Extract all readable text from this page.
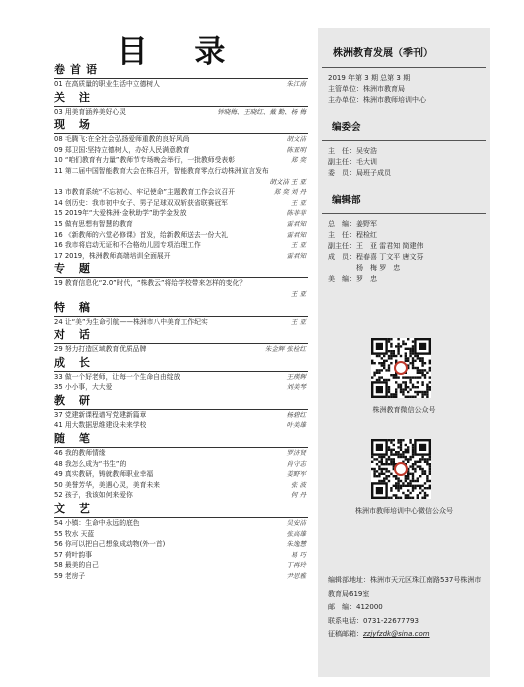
目 录
卷首语
01 在高质量的职业生活中立德树人	朱江南
关 注
03 用美育涵养美好心灵	钟晓梅、王晓红、戴 勤、杨 梅
现 场
08 毛腾飞:在全社会弘扬爱师重教的良好风尚	胡文洁
09 郑卫国:坚持立德树人，办好人民满意教育	陈亚明
10 “咱们教育有力量”教师节专场晚会举行，一批教师受表彰	郑 奕
11 第二届中国智能教育大会在株召开，智能教育零点行动株洲宣言发布
胡文洁 王 亚
13 市教育系统“不忘初心、牢记使命”主题教育工作会议召开	郑 奕 刘 丹
14 创历史：我市初中女子、男子足球双双斩获省联赛冠军	王 亚
15 2019年“大爱株洲·金秋助学”助学金发放	陈菲菲
15 做有思想有智慧的教育	雷君知
16 《新教师的六堂必修课》首发，给新教师送去一份大礼	雷君知
16 我市将启动无证和不合格幼儿园专项治理工作	王 亚
17 2019，株洲教师高端培训全面展开	雷君知
专 题
19 教育信息化“2.0”时代，“株教云”将给学校带来怎样的变化？
王 亚
特 稿
24 让“美”为生命引航——株洲市八中美育工作纪实	王 亚
对 话
29 努力打造区域教育优质品牌	朱金辉 张检红
成 长
33 做一个好老师，让每一个生命自由绽放	王瑛辉
35 小小事，大大爱	刘美琴
教 研
37 党建新课程谱写党建新篇章	杨碧红
41 用大数据思维建设未来学校	叶美雄
随 笔
46 我的教师情缘	罗济贤
48 我怎么成为“书生”的	肖守志
49 真实教研，铸就教师职业幸福	姜野军
50 美誉芳华，美遇心灵，美育未来	张 波
52 孩子，我该如何来爱你	何 丹
文 艺
54 小镇：生命中永远的底色	吴安洁
55 牧水 天蓝	张高雄
56 你可以把自己想象成动物(外一首)	朱逸慧
57 荷叶韵事	易 巧
58 最美的自己	丁再玲
59 老房子	尹思雅
株洲教育发展（季刊）
2019 年第 3 期 总第 3 期
主管单位：株洲市教育局
主办单位：株洲市教师培训中心
编委会
主　任：吴安浩
副主任：毛大训
委　员：局班子成员
编辑部
总　编：姜野军
主　任：程检红
副主任：王　亚 雷君知 简建伟
成　员：程春喜 丁文平 唐文芬
　　　　杨　梅 罗　忠
美　编：罗　忠
株洲教育微信公众号
株洲市教师培训中心微信公众号
编辑部地址：株洲市天元区珠江南路537号株洲市教育局619室
邮　编：412000
联系电话：0731-22677793
征稿邮箱：zzjyfzdk@sina.com
